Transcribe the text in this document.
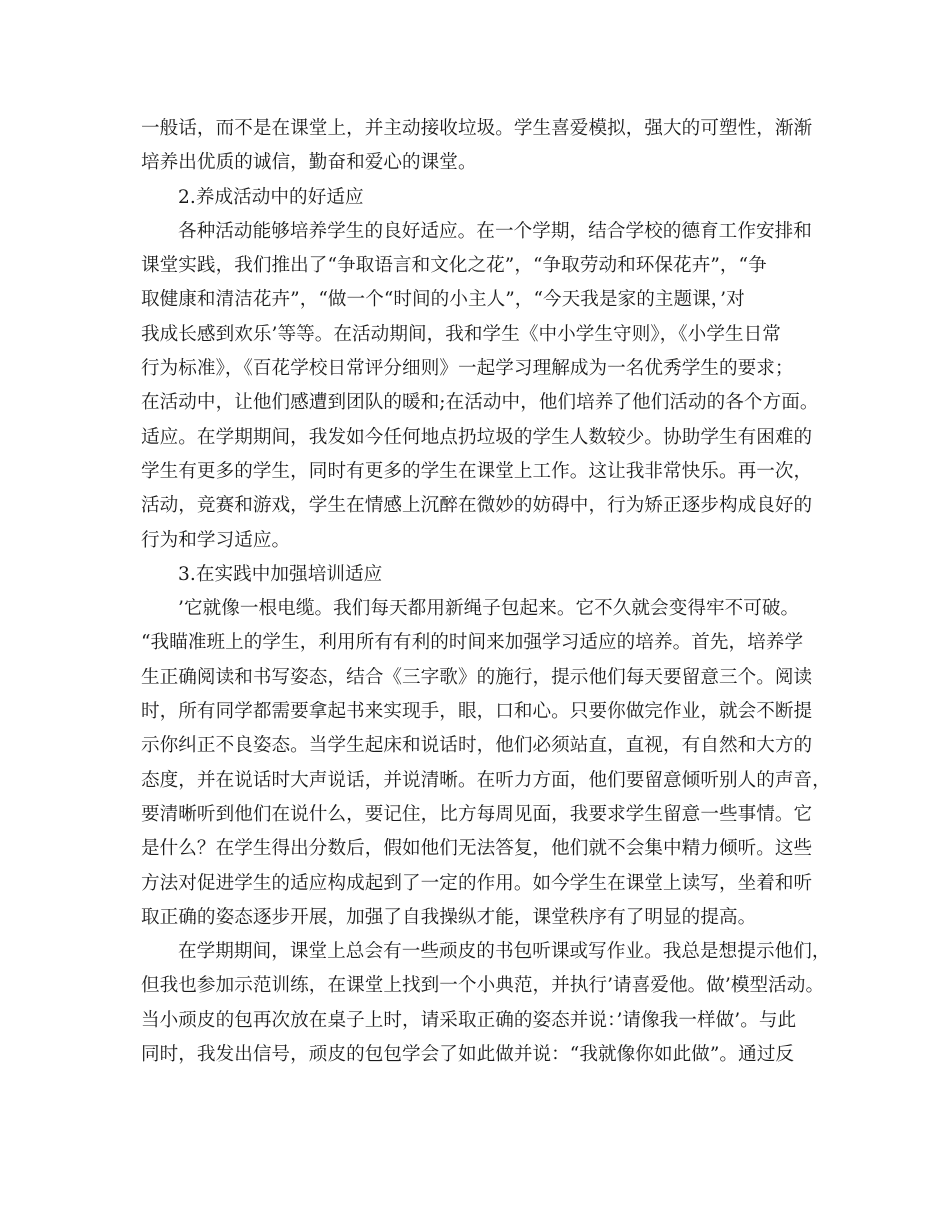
一般话，而不是在课堂上，并主动接收垃圾。学生喜爱模拟，强大的可塑性，渐渐
培养出优质的诚信，勤奋和爱心的课堂。
2.养成活动中的好适应
各种活动能够培养学生的良好适应。在一个学期，结合学校的德育工作安排和
课堂实践，我们推出了“争取语言和文化之花”，“争取劳动和环保花卉”，“争
取健康和清洁花卉”，“做一个“时间的小主人”，“今天我是家的主题课，’对
我成长感到欢乐’等等。在活动期间，我和学生《中小学生守则》，《小学生日常
行为标准》，《百花学校日常评分细则》一起学习理解成为一名优秀学生的要求；
在活动中，让他们感遭到团队的暖和;在活动中，他们培养了他们活动的各个方面。
适应。在学期期间，我发如今任何地点扔垃圾的学生人数较少。协助学生有困难的
学生有更多的学生，同时有更多的学生在课堂上工作。这让我非常快乐。再一次，
活动，竞赛和游戏，学生在情感上沉醉在微妙的妨碍中，行为矫正逐步构成良好的
行为和学习适应。
3.在实践中加强培训适应
’它就像一根电缆。我们每天都用新绳子包起来。它不久就会变得牢不可破。
“我瞄准班上的学生，利用所有有利的时间来加强学习适应的培养。首先，培养学
生正确阅读和书写姿态，结合《三字歌》的施行，提示他们每天要留意三个。阅读
时，所有同学都需要拿起书来实现手，眼，口和心。只要你做完作业，就会不断提
示你纠正不良姿态。当学生起床和说话时，他们必须站直，直视，有自然和大方的
态度，并在说话时大声说话，并说清晰。在听力方面，他们要留意倾听别人的声音，
要清晰听到他们在说什么，要记住，比方每周见面，我要求学生留意一些事情。它
是什么？在学生得出分数后，假如他们无法答复，他们就不会集中精力倾听。这些
方法对促进学生的适应构成起到了一定的作用。如今学生在课堂上读写，坐着和听
取正确的姿态逐步开展，加强了自我操纵才能，课堂秩序有了明显的提高。
在学期期间，课堂上总会有一些顽皮的书包听课或写作业。我总是想提示他们，
但我也参加示范训练，在课堂上找到一个小典范，并执行’请喜爱他。做’模型活动。
当小顽皮的包再次放在桌子上时，请采取正确的姿态并说：’请像我一样做’。与此
同时，我发出信号，顽皮的包包学会了如此做并说：“我就像你如此做”。通过反
